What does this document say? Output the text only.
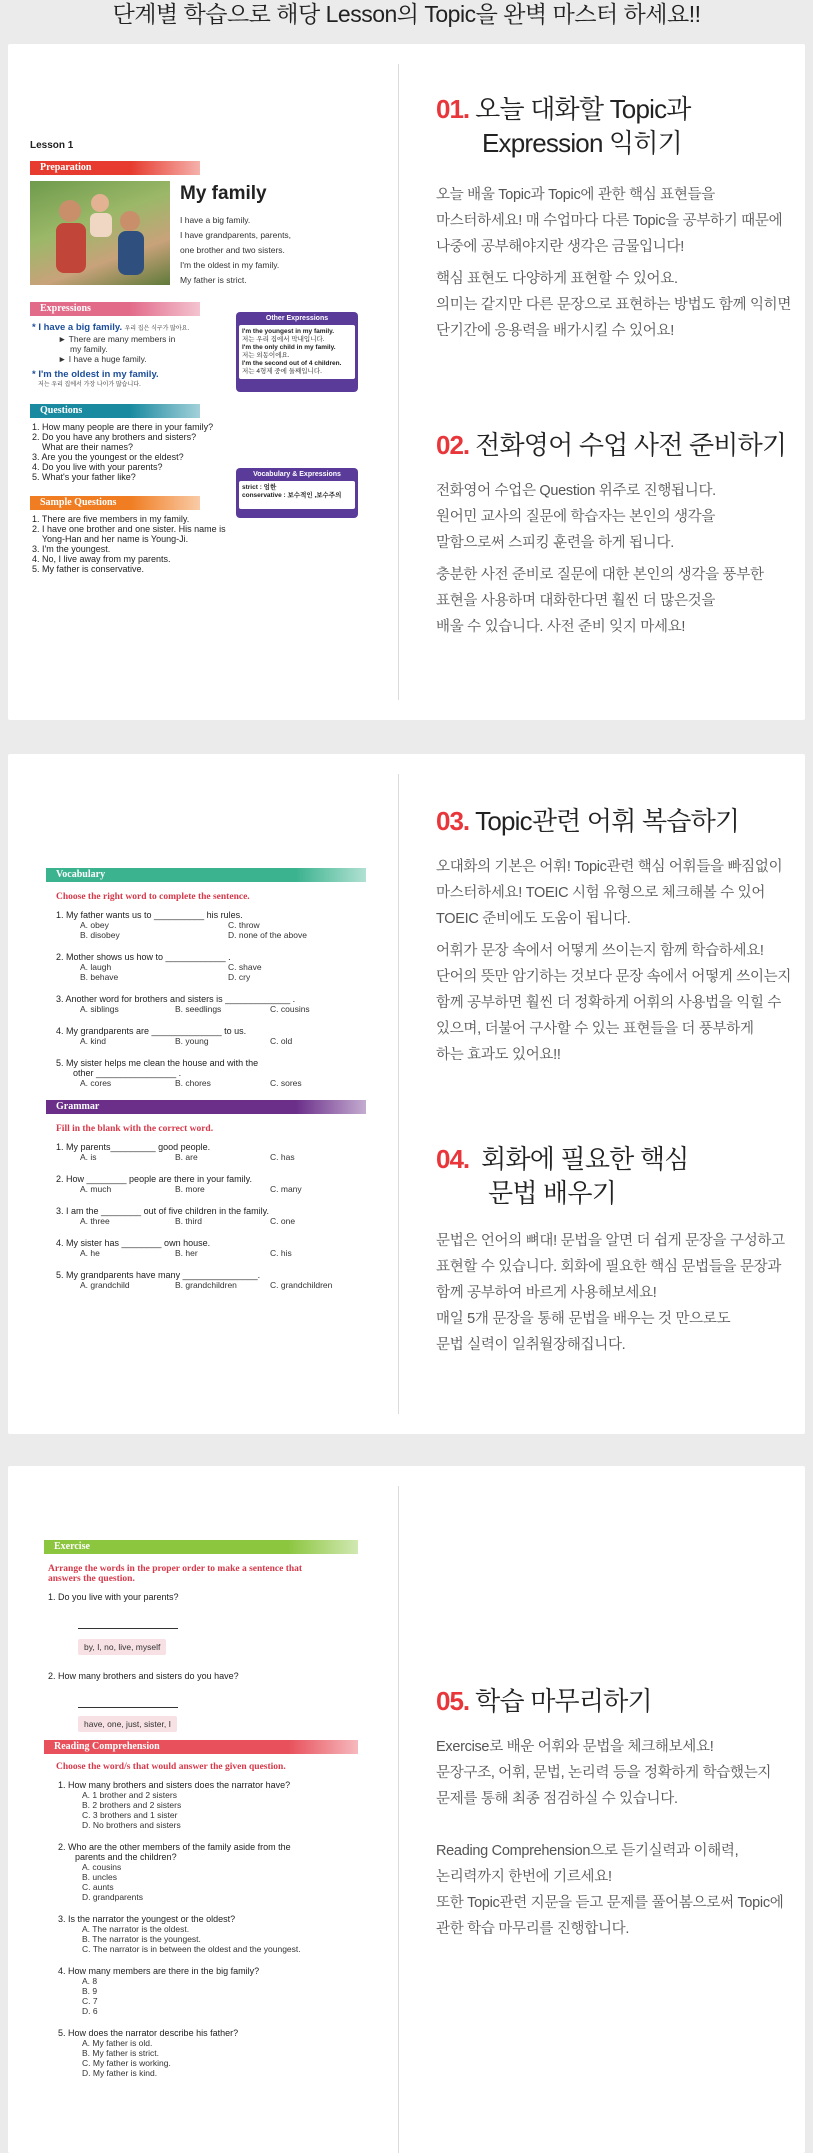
단계별 학습으로 해당 Lesson의 Topic을 완벽 마스터 하세요!!
Lesson 1
Preparation
My family
I have a big family.
I have grandparents, parents,
one brother and two sisters.
I'm the oldest in my family.
My father is strict.
Expressions
* I have a big family. 우리 집은 식구가 많아요.
► There are many members in
my family.
► I have a huge family.
* I'm the oldest in my family.
저는 우리 집에서 가장 나이가 많습니다.
Other Expressions
I'm the youngest in my family.
저는 우리 집에서 막내입니다.
I'm the only child in my family.
저는 외동이에요.
I'm the second out of 4 children.
저는 4형제 중에 둘째입니다.
Questions
1. How many people are there in your family?
2. Do you have any brothers and sisters?
What are their names?
3. Are you the youngest or the eldest?
4. Do you live with your parents?
5. What's your father like?	Vocabulary & Expressions
strict : 엄한
conservative : 보수적인 ,보수주의
Sample Questions
1. There are five members in my family.
2. I have one brother and one sister. His name is
Yong-Han and her name is Young-Ji.
3. I'm the youngest.
4. No, I live away from my parents.
5. My father is conservative.
01. 오늘 대화할 Topic과
Expression 익히기
오늘 배울 Topic과 Topic에 관한 핵심 표현들을
마스터하세요! 매 수업마다 다른 Topic을 공부하기 때문에
나중에 공부해야지란 생각은 금물입니다!
핵심 표현도 다양하게 표현할 수 있어요.
의미는 같지만 다른 문장으로 표현하는 방법도 함께 익히면
단기간에 응용력을 배가시킬 수 있어요!
02. 전화영어 수업 사전 준비하기
전화영어 수업은 Question 위주로 진행됩니다.
원어민 교사의 질문에 학습자는 본인의 생각을
말함으로써 스피킹 훈련을 하게 됩니다.
충분한 사전 준비로 질문에 대한 본인의 생각을 풍부한
표현을 사용하며 대화한다면 훨씬 더 많은것을
배울 수 있습니다. 사전 준비 잊지 마세요!
Vocabulary
Choose the right word to complete the sentence.
1. My father wants us to __________ his rules.
A. obey	C. throw
B. disobey	D. none of the above
2. Mother shows us how to ____________ .
A. laugh	C. shave
B. behave	D. cry
3. Another word for brothers and sisters is _____________ .
A. siblings	B. seedlings	C. cousins
4. My grandparents are ______________ to us.
A. kind	B. young	C. old
5. My sister helps me clean the house and with the
other ________________ .
A. cores	B. chores	C. sores
Grammar
Fill in the blank with the correct word.
1. My parents_________ good people.
A. is	B. are	C. has
2. How ________ people are there in your family.
A. much	B. more	C. many
3. I am the ________ out of five children in the family.
A. three	B. third	C. one
4. My sister has ________ own house.
A. he	B. her	C. his
5. My grandparents have many _______________.
A. grandchild	B. grandchildren	C. grandchildren
03. Topic관련 어휘 복습하기
오대화의 기본은 어휘! Topic관련 핵심 어휘들을 빠짐없이
마스터하세요! TOEIC 시험 유형으로 체크해볼 수 있어
TOEIC 준비에도 도움이 됩니다.
어휘가 문장 속에서 어떻게 쓰이는지 함께 학습하세요!
단어의 뜻만 암기하는 것보다 문장 속에서 어떻게 쓰이는지
함께 공부하면 훨씬 더 정확하게 어휘의 사용법을 익힐 수
있으며, 더불어 구사할 수 있는 표현들을 더 풍부하게
하는 효과도 있어요!!
04. 회화에 필요한 핵심
문법 배우기
문법은 언어의 뼈대! 문법을 알면 더 쉽게 문장을 구성하고
표현할 수 있습니다. 회화에 필요한 핵심 문법들을 문장과
함께 공부하여 바르게 사용해보세요!
매일 5개 문장을 통해 문법을 배우는 것 만으로도
문법 실력이 일취월장해집니다.
Exercise
Arrange the words in the proper order to make a sentence that
answers the question.
1. Do you live with your parents?
by, I, no, live, myself
2. How many brothers and sisters do you have?
have, one, just, sister, I
Reading Comprehension
Choose the word/s that would answer the given question.
1. How many brothers and sisters does the narrator have?
A. 1 brother and 2 sisters
B. 2 brothers and 2 sisters
C. 3 brothers and 1 sister
D. No brothers and sisters
2. Who are the other members of the family aside from the
parents and the children?
A. cousins
B. uncles
C. aunts
D. grandparents
3. Is the narrator the youngest or the oldest?
A. The narrator is the oldest.
B. The narrator is the youngest.
C. The narrator is in between the oldest and the youngest.
4. How many members are there in the big family?
A. 8
B. 9
C. 7
D. 6
5. How does the narrator describe his father?
A. My father is old.
B. My father is strict.
C. My father is working.
D. My father is kind.
05. 학습 마무리하기
Exercise로 배운 어휘와 문법을 체크해보세요!
문장구조, 어휘, 문법, 논리력 등을 정확하게 학습했는지
문제를 통해 최종 점검하실 수 있습니다.
Reading Comprehension으로 듣기실력과 이해력,
논리력까지 한번에 기르세요!
또한 Topic관련 지문을 듣고 문제를 풀어봄으로써 Topic에
관한 학습 마무리를 진행합니다.
